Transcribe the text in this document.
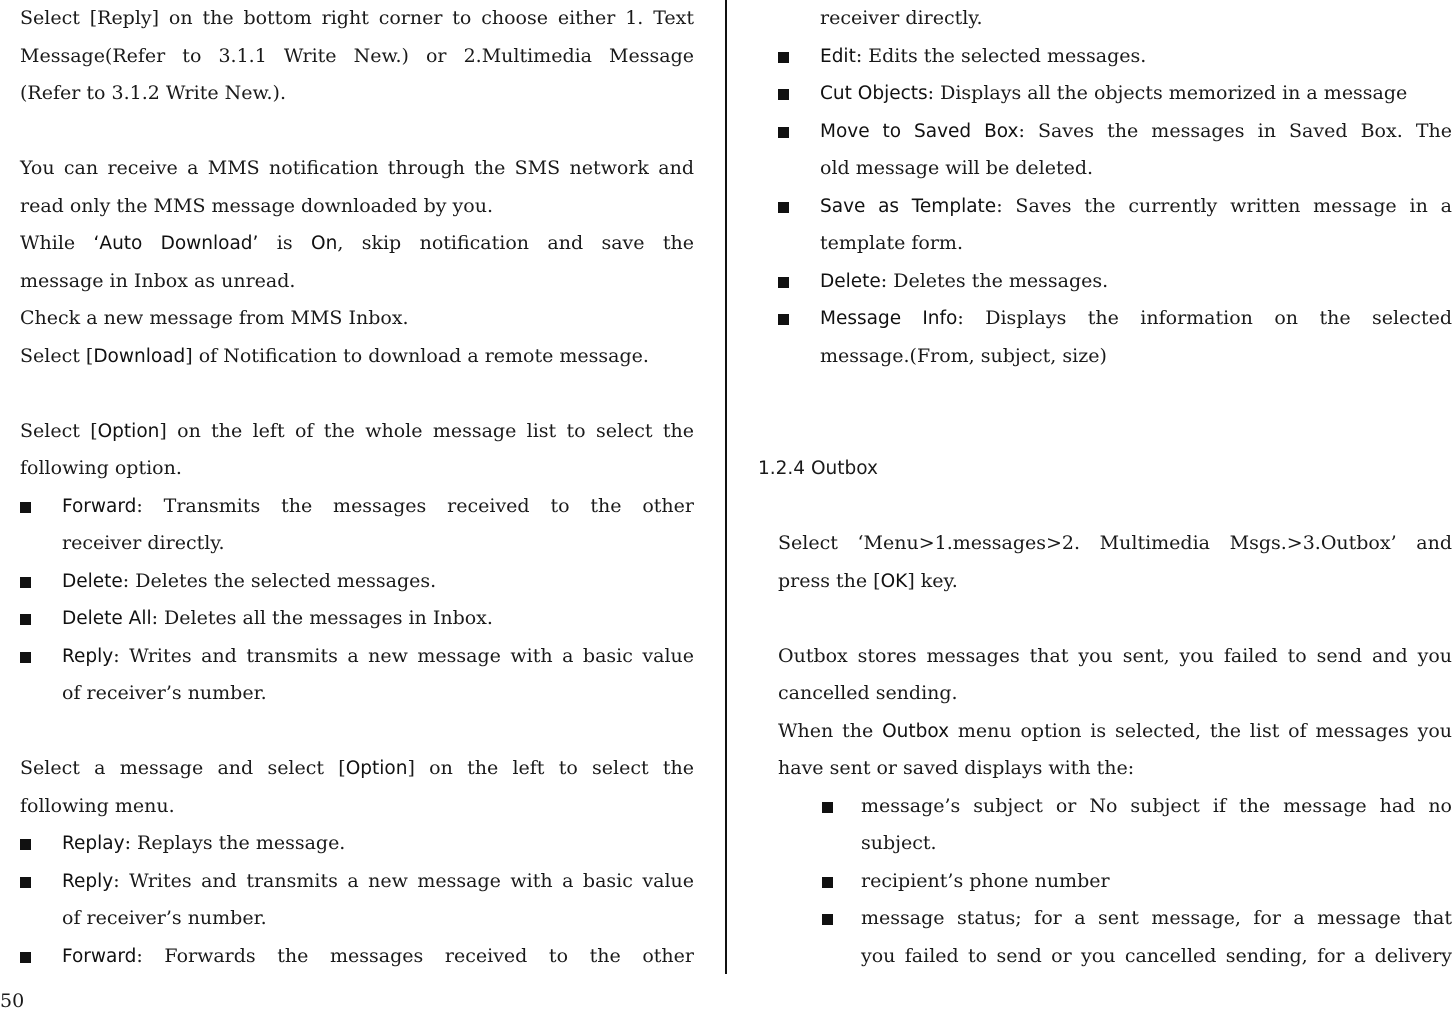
Select [Reply] on the bottom right corner to choose either 1. Text
Message(Refer to 3.1.1 Write New.) or 2.Multimedia Message
(Refer to 3.1.2 Write New.).
You can receive a MMS notification through the SMS network and
read only the MMS message downloaded by you.
While ‘Auto Download’ is On, skip notification and save the
message in Inbox as unread.
Check a new message from MMS Inbox.
Select [Download] of Notification to download a remote message.
Select [Option] on the left of the whole message list to select the
following option.
Forward: Transmits the messages received to the other
receiver directly.
Delete: Deletes the selected messages.
Delete All: Deletes all the messages in Inbox.
Reply: Writes and transmits a new message with a basic value
of receiver’s number.
Select a message and select [Option] on the left to select the
following menu.
Replay: Replays the message.
Reply: Writes and transmits a new message with a basic value
of receiver’s number.
Forward: Forwards the messages received to the other
receiver directly.
Edit: Edits the selected messages.
Cut Objects: Displays all the objects memorized in a message
Move to Saved Box: Saves the messages in Saved Box. The
old message will be deleted.
Save as Template: Saves the currently written message in a
template form.
Delete: Deletes the messages.
Message Info: Displays the information on the selected
message.(From, subject, size)
1.2.4 Outbox
Select ‘Menu>1.messages>2. Multimedia Msgs.>3.Outbox’ and
press the [OK] key.
Outbox stores messages that you sent, you failed to send and you
cancelled sending.
When the Outbox menu option is selected, the list of messages you
have sent or saved displays with the:
message’s subject or No subject if the message had no
subject.
recipient’s phone number
message status; for a sent message, for a message that
you failed to send or you cancelled sending, for a delivery
50
